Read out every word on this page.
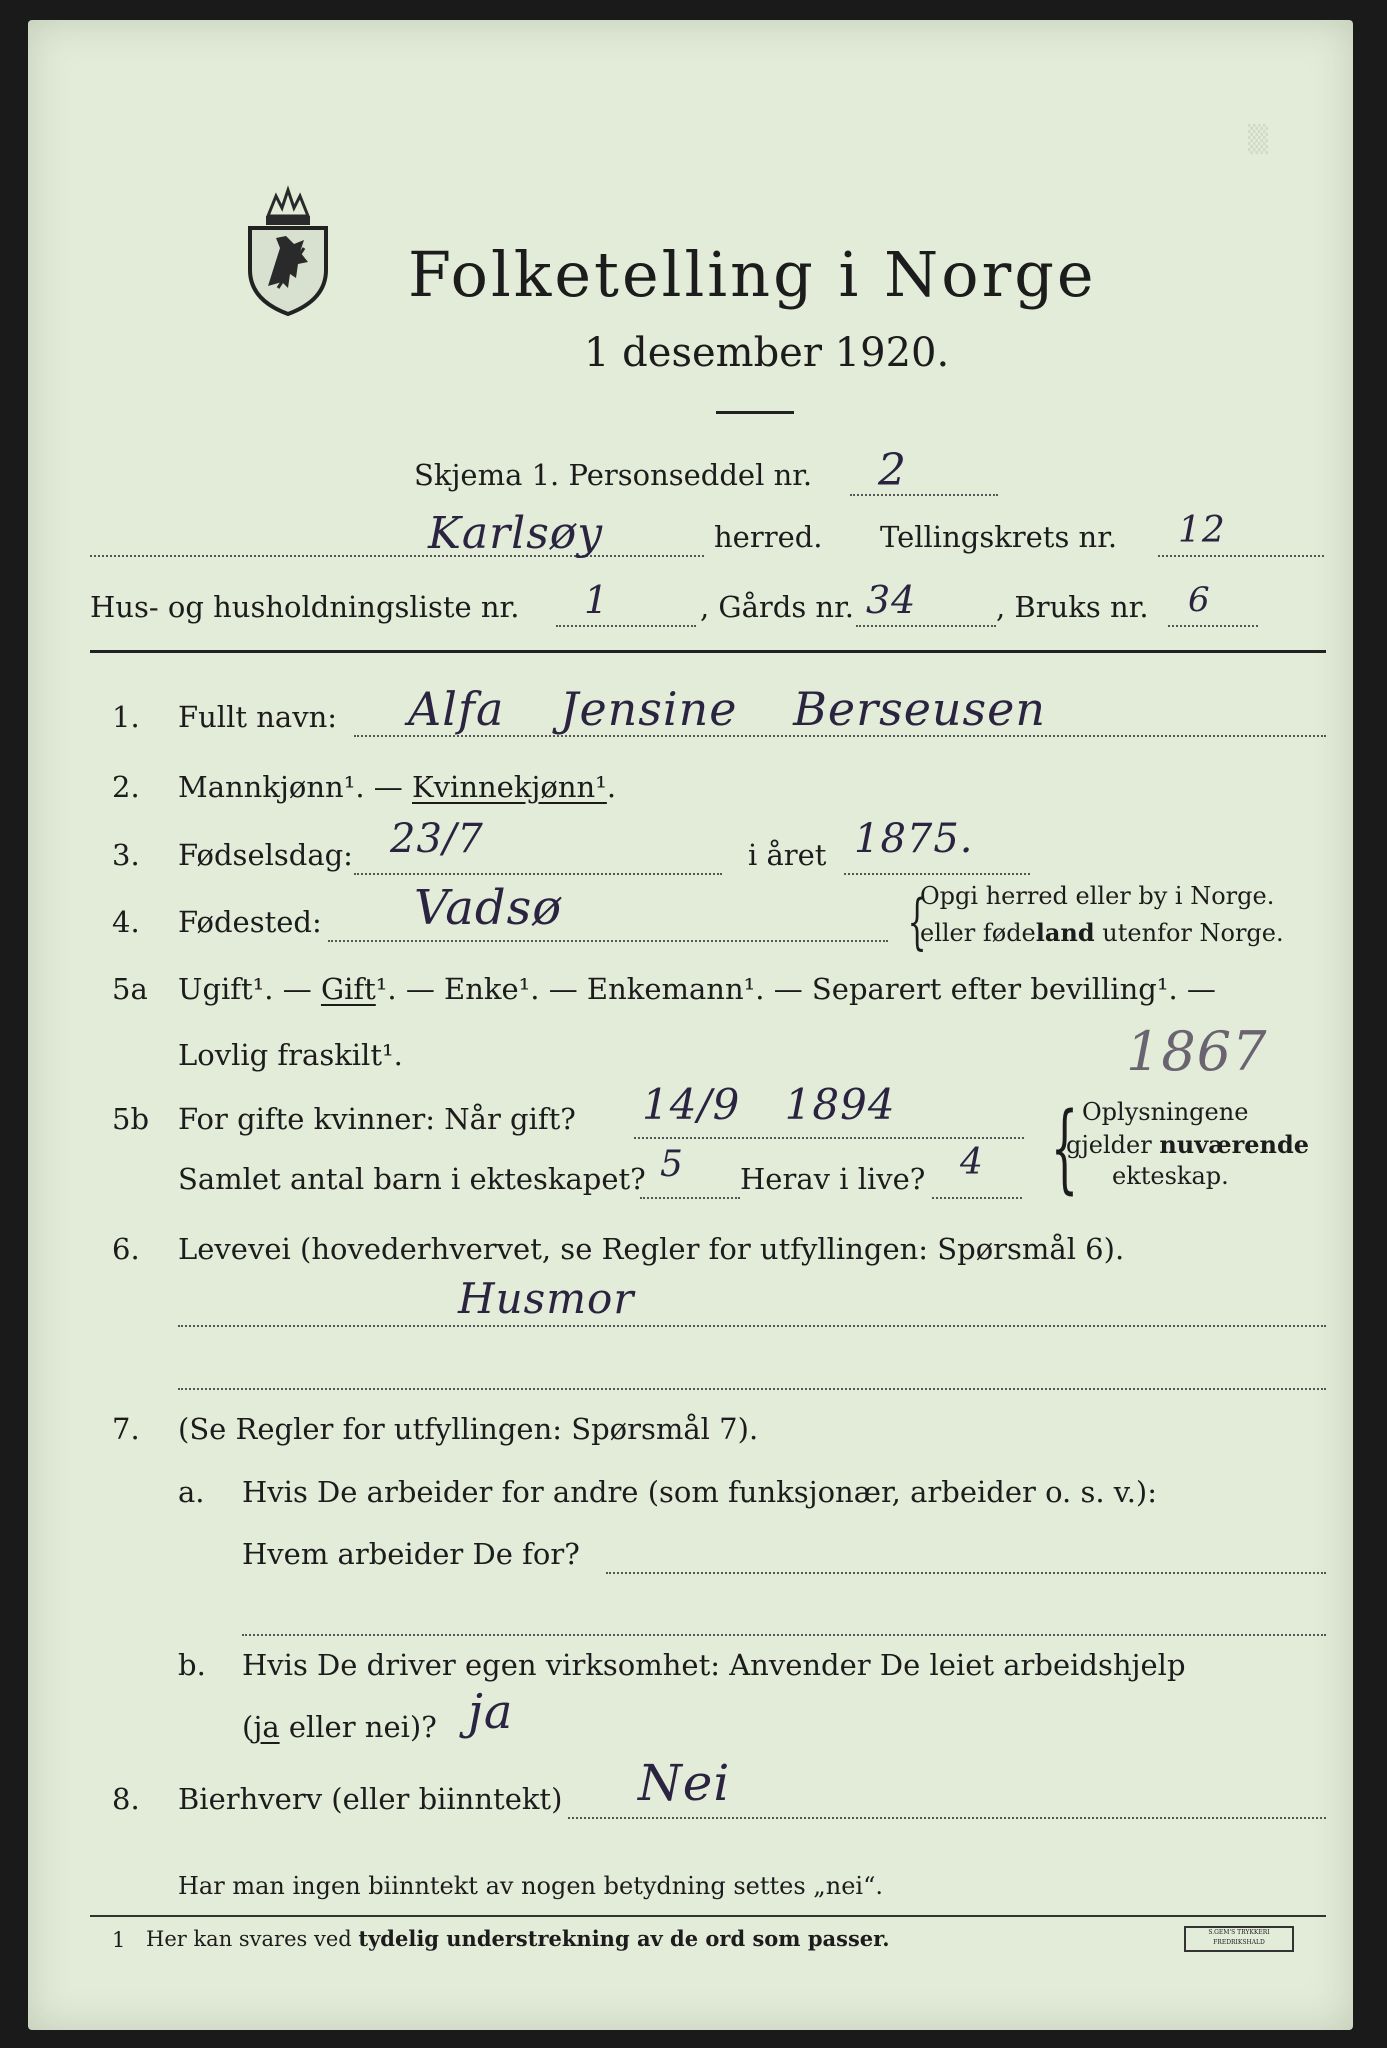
▒
Folketelling i Norge
1 desember 1920.
Skjema 1. Personseddel nr. 2
Karlsøy	herred. Tellingskrets nr. 12
Hus- og husholdningsliste nr. 1	, Gårds nr. 34	, Bruks nr. 6
1. Fullt navn: Alfa Jensine Berseusen
2. Mannkjønn¹. — Kvinnekjønn¹.
3. Fødselsdag: 23/7	i året 1875.
4. Fødested: Vadsø	{
Opgi herred eller by i Norge.
eller fødeland utenfor Norge.
5a Ugift¹. — Gift¹. — Enke¹. — Enkemann¹. — Separert efter bevilling¹. —
Lovlig fraskilt¹.	1867
5b For gifte kvinner: Når gift? 14/9 1894
Samlet antal barn i ekteskapet? 5 Herav i live? 4 { Oplysningene
gjelder nuværende
ekteskap.
6. Levevei (hovederhvervet, se Regler for utfyllingen: Spørsmål 6).
Husmor
7. (Se Regler for utfyllingen: Spørsmål 7).
a. Hvis De arbeider for andre (som funksjonær, arbeider o. s. v.):
Hvem arbeider De for?
b. Hvis De driver egen virksomhet: Anvender De leiet arbeidshjelp
(ja eller nei)? ja
8. Bierhverv (eller biinntekt) Nei
Har man ingen biinntekt av nogen betydning settes „nei“.
1 Her kan svares ved tydelig understrekning av de ord som passer.	S.GEM'S TRYKKERI FREDRIKSHALD
